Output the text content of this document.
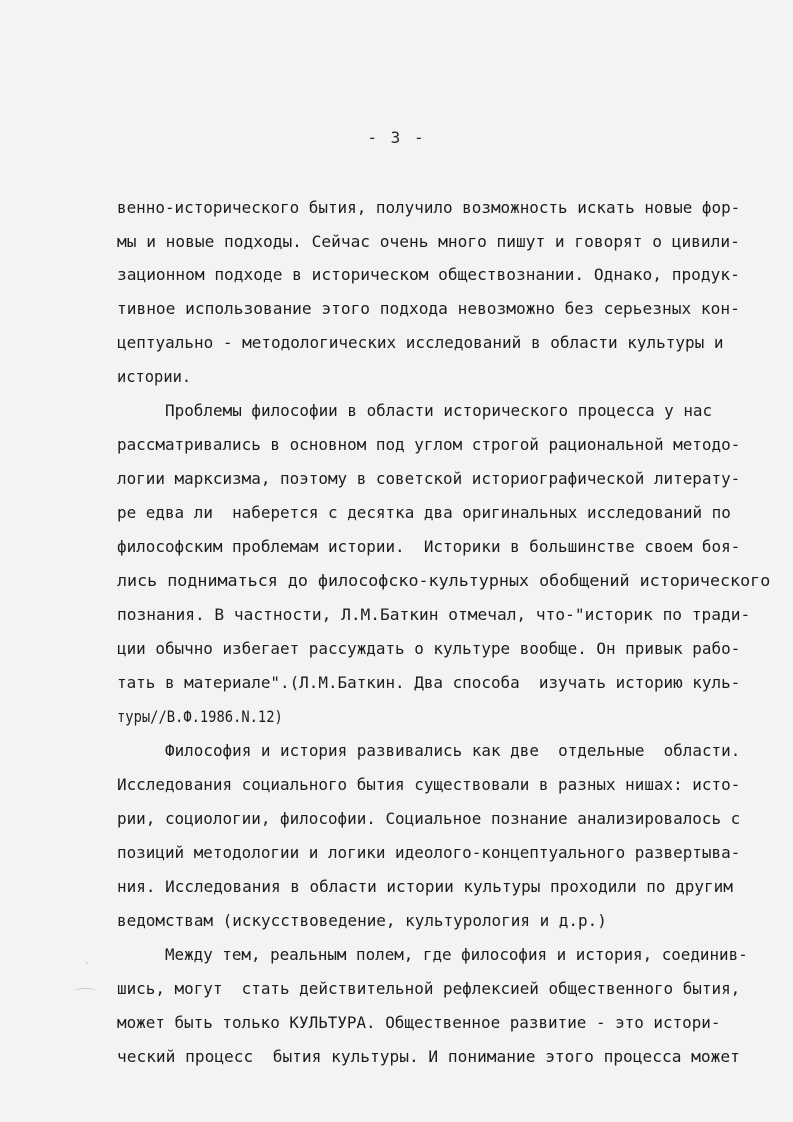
- 3 -
венно-исторического бытия, получило возможность искать новые фор-
мы и новые подходы. Сейчас очень много пишут и говорят о цивили-
зационном подходе в историческом обществознании. Однако, продук-
тивное использование этого подхода невозможно без серьезных кон-
цептуально - методологических исследований в области культуры и
истории.
Проблемы философии в области исторического процесса у нас
рассматривались в основном под углом строгой рациональной методо-
логии марксизма, поэтому в советской историографической литерату-
ре едва ли  наберется с десятка два оригинальных исследований по
философским проблемам истории.  Историки в большинстве своем боя-
лись подниматься до философско-культурных обобщений исторического
познания. В частности, Л.М.Баткин отмечал, что-"историк по тради-
ции обычно избегает рассуждать о культуре вообще. Он привык рабо-
тать в материале".(Л.М.Баткин. Два способа  изучать историю куль-
туры//В.Ф.1986.N.12)
Философия и история развивались как две  отдельные  области.
Исследования социального бытия существовали в разных нишах: исто-
рии, социологии, философии. Социальное познание анализировалось с
позиций методологии и логики идеолого-концептуального развертыва-
ния. Исследования в области истории культуры проходили по другим
ведомствам (искусствоведение, культурология и д.р.)
Между тем, реальным полем, где философия и история, соединив-
шись, могут  стать действительной рефлексией общественного бытия,
может быть только КУЛЬТУРА. Общественное развитие - это истори-
ческий процесс  бытия культуры. И понимание этого процесса может
